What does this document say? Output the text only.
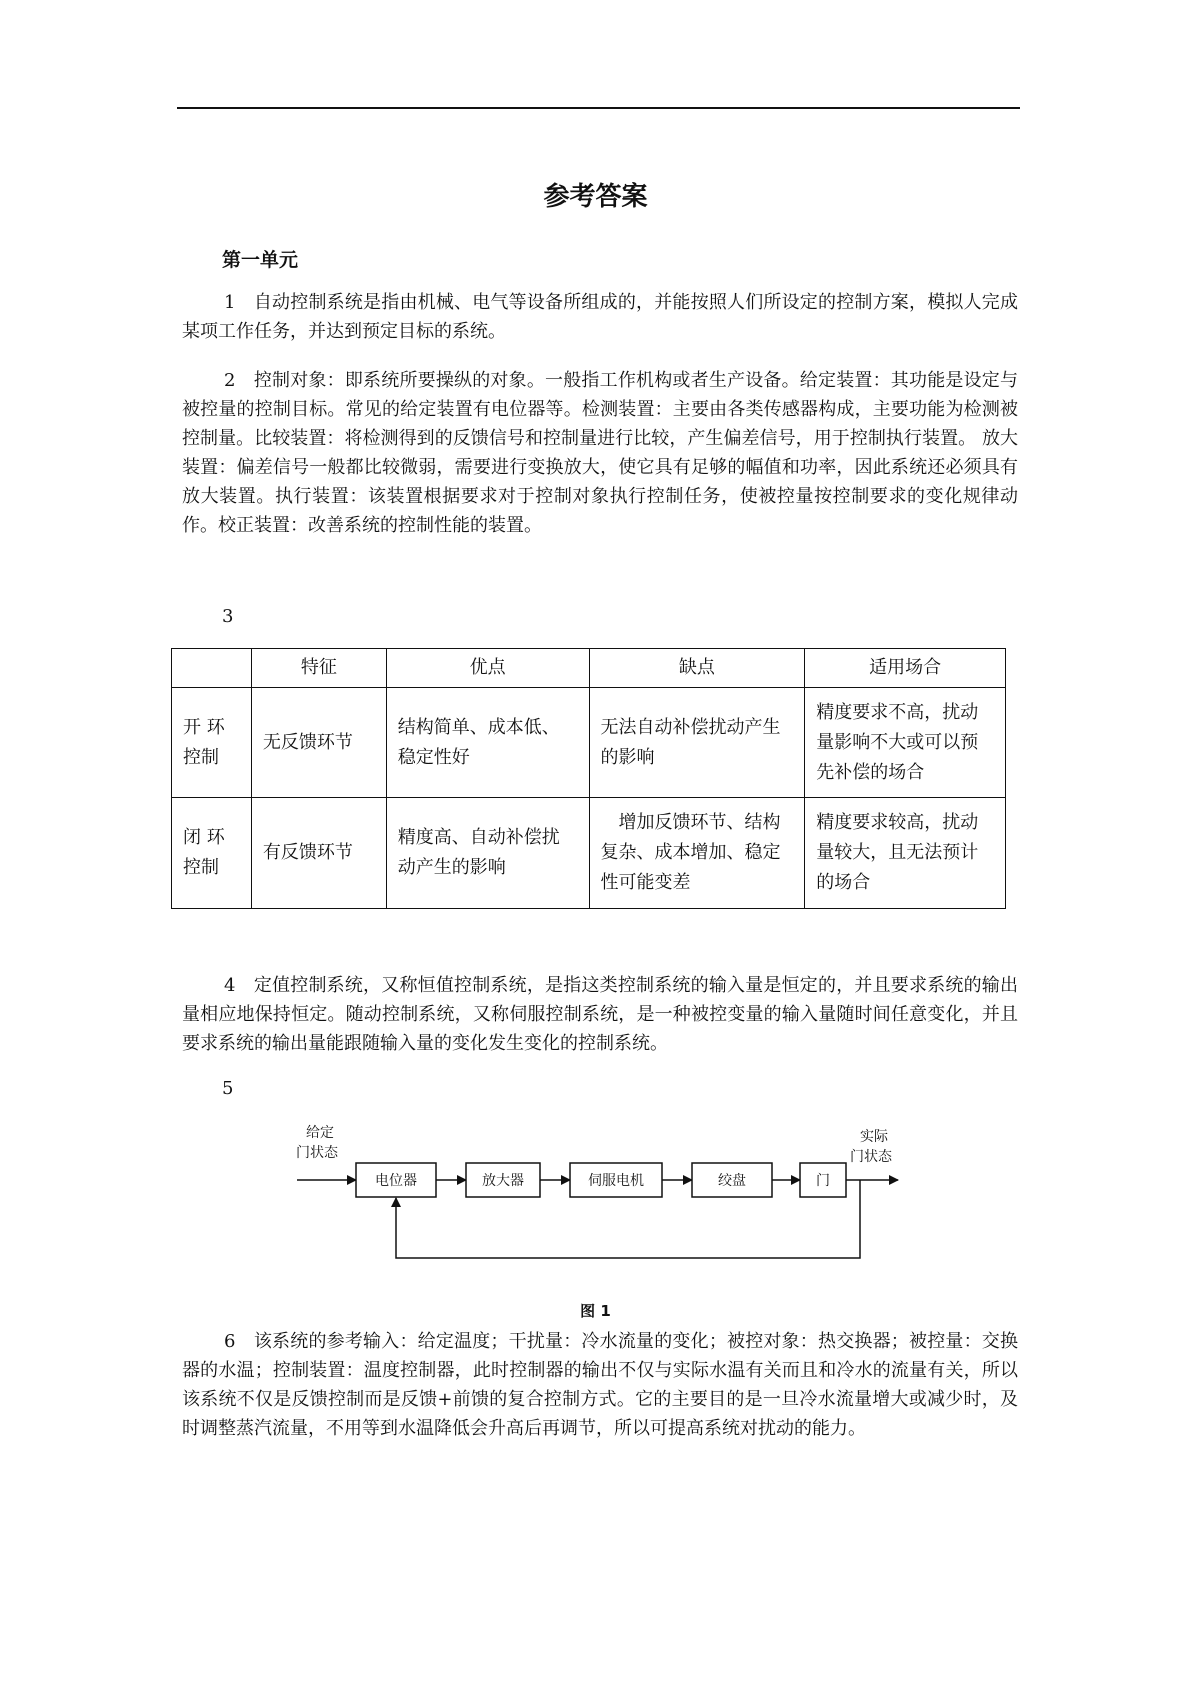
参考答案
第一单元
1　自动控制系统是指由机械、电气等设备所组成的，并能按照人们所设定的控制方案，模拟人完成某项工作任务，并达到预定目标的系统。
2　控制对象：即系统所要操纵的对象。一般指工作机构或者生产设备。给定装置：其功能是设定与被控量的控制目标。常见的给定装置有电位器等。检测装置：主要由各类传感器构成，主要功能为检测被控制量。比较装置：将检测得到的反馈信号和控制量进行比较，产生偏差信号，用于控制执行装置。 放大装置：偏差信号一般都比较微弱，需要进行变换放大，使它具有足够的幅值和功率，因此系统还必须具有放大装置。执行装置：该装置根据要求对于控制对象执行控制任务，使被控量按控制要求的变化规律动作。校正装置：改善系统的控制性能的装置。
3
	特征	优点	缺点	适用场合
开 环控制	无反馈环节	结构简单、成本低、稳定性好	无法自动补偿扰动产生的影响	精度要求不高，扰动量影响不大或可以预先补偿的场合
闭 环控制	有反馈环节	精度高、自动补偿扰动产生的影响	　增加反馈环节、结构复杂、成本增加、稳定性可能变差	精度要求较高，扰动量较大，且无法预计的场合
4　定值控制系统，又称恒值控制系统，是指这类控制系统的输入量是恒定的，并且要求系统的输出量相应地保持恒定。随动控制系统，又称伺服控制系统，是一种被控变量的输入量随时间任意变化，并且要求系统的输出量能跟随输入量的变化发生变化的控制系统。
5
给定
门状态
实际
门状态
电位器	放大器	伺服电机	绞盘	门
图 1
6　该系统的参考输入：给定温度；干扰量：冷水流量的变化；被控对象：热交换器；被控量：交换器的水温；控制装置：温度控制器，此时控制器的输出不仅与实际水温有关而且和冷水的流量有关，所以该系统不仅是反馈控制而是反馈+前馈的复合控制方式。它的主要目的是一旦冷水流量增大或减少时，及时调整蒸汽流量，不用等到水温降低会升高后再调节，所以可提高系统对扰动的能力。
